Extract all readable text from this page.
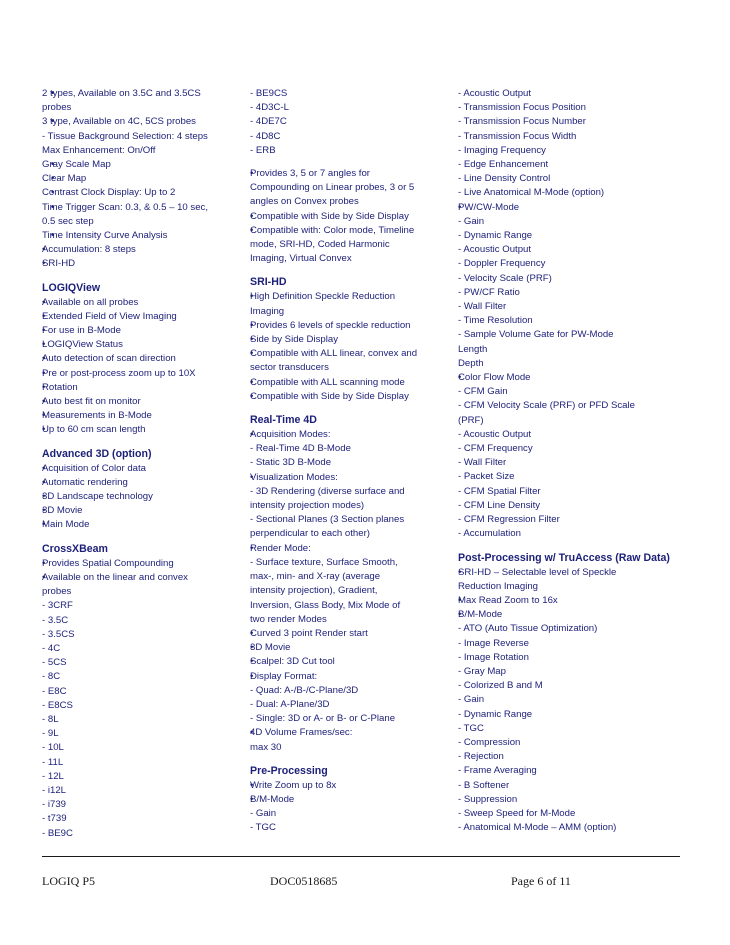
• 2 types, Available on 3.5C and 3.5CS
probes
• 3 type, Available on 4C, 5CS probes
- Tissue Background Selection: 4 steps
Max Enhancement: On/Off
• Gray Scale Map
• Clear Map
• Contrast Clock Display: Up to 2
• Time Trigger Scan: 0.3, & 0.5 – 10 sec,
0.5 sec step
• Time Intensity Curve Analysis
• Accumulation: 8 steps
• SRI-HD
LOGIQView
• Available on all probes
• Extended Field of View Imaging
• For use in B-Mode
• LOGIQView Status
• Auto detection of scan direction
• Pre or post-process zoom up to 10X
• Rotation
• Auto best fit on monitor
• Measurements in B-Mode
• Up to 60 cm scan length
Advanced 3D (option)
• Acquisition of Color data
• Automatic rendering
• 3D Landscape technology
• 3D Movie
• Main Mode
CrossXBeam
• Provides Spatial Compounding
• Available on the linear and convex
probes
- 3CRF
- 3.5C
- 3.5CS
- 4C
- 5CS
- 8C
- E8C
- E8CS
- 8L
- 9L
- 10L
- 11L
- 12L
- i12L
- i739
- t739
- BE9C
- BE9CS
- 4D3C-L
- 4DE7C
- 4D8C
- ERB
• Provides 3, 5 or 7 angles for
Compounding on Linear probes, 3 or 5
angles on Convex probes
• Compatible with Side by Side Display
• Compatible with: Color mode, Timeline
mode, SRI-HD, Coded Harmonic
Imaging, Virtual Convex
SRI-HD
• High Definition Speckle Reduction
Imaging
• Provides 6 levels of speckle reduction
• Side by Side Display
• Compatible with ALL linear, convex and
sector transducers
• Compatible with ALL scanning mode
• Compatible with Side by Side Display
Real-Time 4D
• Acquisition Modes:
- Real-Time 4D B-Mode
- Static 3D B-Mode
• Visualization Modes:
- 3D Rendering (diverse surface and
intensity projection modes)
- Sectional Planes (3 Section planes
perpendicular to each other)
• Render Mode:
- Surface texture, Surface Smooth,
max-, min- and X-ray (average
intensity projection), Gradient,
Inversion, Glass Body, Mix Mode of
two render Modes
• Curved 3 point Render start
• 3D Movie
• Scalpel: 3D Cut tool
• Display Format:
- Quad: A-/B-/C-Plane/3D
- Dual: A-Plane/3D
- Single: 3D or A- or B- or C-Plane
• 4D Volume Frames/sec:
max 30
Pre-Processing
• Write Zoom up to 8x
• B/M-Mode
- Gain
- TGC
- Acoustic Output
- Transmission Focus Position
- Transmission Focus Number
- Transmission Focus Width
- Imaging Frequency
- Edge Enhancement
- Line Density Control
- Live Anatomical M-Mode (option)
• PW/CW-Mode
- Gain
- Dynamic Range
- Acoustic Output
- Doppler Frequency
- Velocity Scale (PRF)
- PW/CF Ratio
- Wall Filter
- Time Resolution
- Sample Volume Gate for PW-Mode
Length
Depth
• Color Flow Mode
- CFM Gain
- CFM Velocity Scale (PRF) or PFD Scale
(PRF)
- Acoustic Output
- CFM Frequency
- Wall Filter
- Packet Size
- CFM Spatial Filter
- CFM Line Density
- CFM Regression Filter
- Accumulation
Post-Processing w/ TruAccess (Raw Data)
• SRI-HD – Selectable level of Speckle
Reduction Imaging
• Max Read Zoom to 16x
• B/M-Mode
- ATO (Auto Tissue Optimization)
- Image Reverse
- Image Rotation
- Gray Map
- Colorized B and M
- Gain
- Dynamic Range
- TGC
- Compression
- Rejection
- Frame Averaging
- B Softener
- Suppression
- Sweep Speed for M-Mode
- Anatomical M-Mode – AMM (option)
LOGIQ P5	DOC0518685	Page 6 of 11
